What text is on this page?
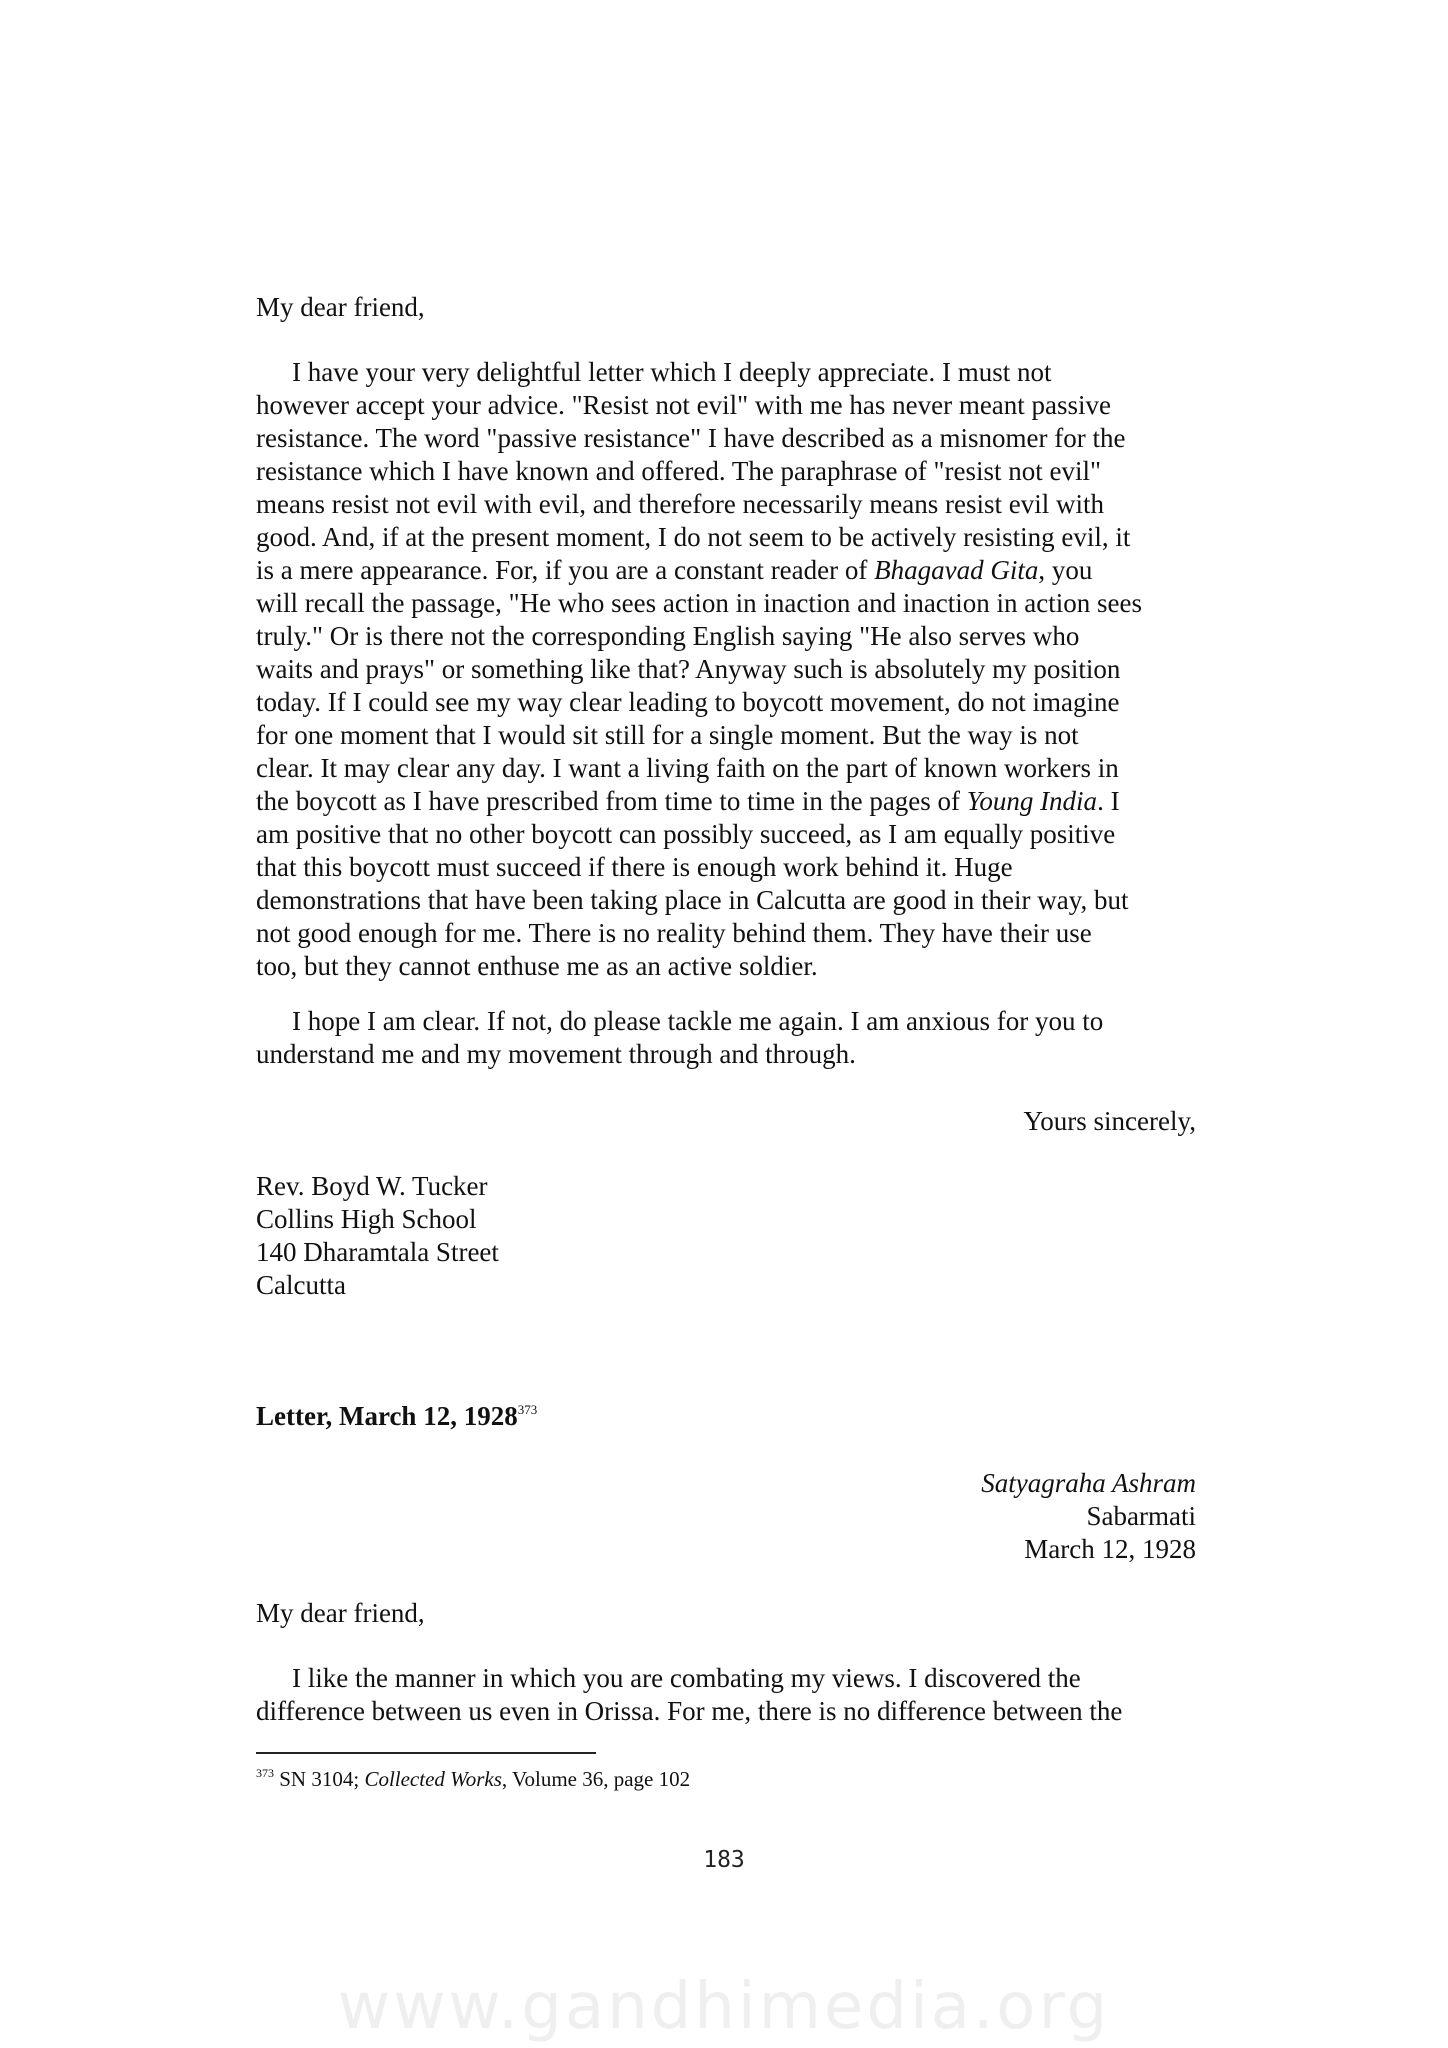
My dear friend,
I have your very delightful letter which I deeply appreciate. I must not
however accept your advice. "Resist not evil" with me has never meant passive
resistance. The word "passive resistance" I have described as a misnomer for the
resistance which I have known and offered. The paraphrase of "resist not evil"
means resist not evil with evil, and therefore necessarily means resist evil with
good. And, if at the present moment, I do not seem to be actively resisting evil, it
is a mere appearance. For, if you are a constant reader of Bhagavad Gita, you
will recall the passage, "He who sees action in inaction and inaction in action sees
truly." Or is there not the corresponding English saying "He also serves who
waits and prays" or something like that? Anyway such is absolutely my position
today. If I could see my way clear leading to boycott movement, do not imagine
for one moment that I would sit still for a single moment. But the way is not
clear. It may clear any day. I want a living faith on the part of known workers in
the boycott as I have prescribed from time to time in the pages of Young India. I
am positive that no other boycott can possibly succeed, as I am equally positive
that this boycott must succeed if there is enough work behind it. Huge
demonstrations that have been taking place in Calcutta are good in their way, but
not good enough for me. There is no reality behind them. They have their use
too, but they cannot enthuse me as an active soldier.
I hope I am clear. If not, do please tackle me again. I am anxious for you to
understand me and my movement through and through.
Yours sincerely,
Rev. Boyd W. Tucker
Collins High School
140 Dharamtala Street
Calcutta
Letter, March 12, 1928$^{373}$
Satyagraha Ashram
Sabarmati
March 12, 1928
My dear friend,
I like the manner in which you are combating my views. I discovered the
difference between us even in Orissa. For me, there is no difference between the
$^{373}$ SN 3104; Collected Works, Volume 36, page 102
183
www.gandhimedia.org
